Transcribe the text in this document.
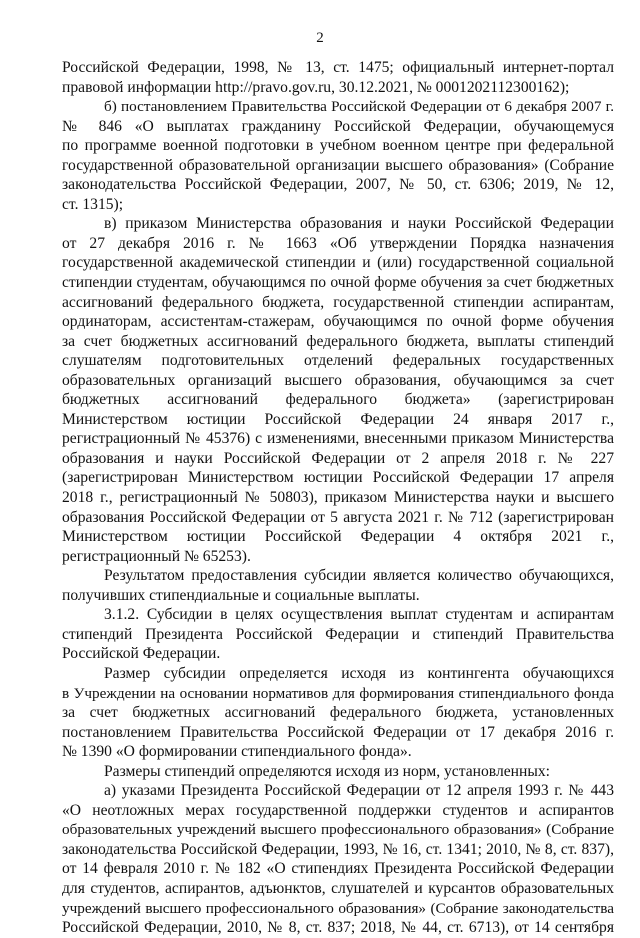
2
Российской Федерации, 1998, № 13, ст. 1475; официальный интернет-портал
правовой информации http://pravo.gov.ru, 30.12.2021, № 0001202112300162);
б) постановлением Правительства Российской Федерации от 6 декабря 2007 г.
№ 846 «О выплатах гражданину Российской Федерации, обучающемуся
по программе военной подготовки в учебном военном центре при федеральной
государственной образовательной организации высшего образования» (Собрание
законодательства Российской Федерации, 2007, № 50, ст. 6306; 2019, № 12,
ст. 1315);
в) приказом Министерства образования и науки Российской Федерации
от 27 декабря 2016 г. № 1663 «Об утверждении Порядка назначения
государственной академической стипендии и (или) государственной социальной
стипендии студентам, обучающимся по очной форме обучения за счет бюджетных
ассигнований федерального бюджета, государственной стипендии аспирантам,
ординаторам, ассистентам-стажерам, обучающимся по очной форме обучения
за счет бюджетных ассигнований федерального бюджета, выплаты стипендий
слушателям подготовительных отделений федеральных государственных
образовательных организаций высшего образования, обучающимся за счет
бюджетных ассигнований федерального бюджета» (зарегистрирован
Министерством юстиции Российской Федерации 24 января 2017 г.,
регистрационный № 45376) с изменениями, внесенными приказом Министерства
образования и науки Российской Федерации от 2 апреля 2018 г. № 227
(зарегистрирован Министерством юстиции Российской Федерации 17 апреля
2018 г., регистрационный № 50803), приказом Министерства науки и высшего
образования Российской Федерации от 5 августа 2021 г. № 712 (зарегистрирован
Министерством юстиции Российской Федерации 4 октября 2021 г.,
регистрационный № 65253).
Результатом предоставления субсидии является количество обучающихся,
получивших стипендиальные и социальные выплаты.
3.1.2. Субсидии в целях осуществления выплат студентам и аспирантам
стипендий Президента Российской Федерации и стипендий Правительства
Российской Федерации.
Размер субсидии определяется исходя из контингента обучающихся
в Учреждении на основании нормативов для формирования стипендиального фонда
за счет бюджетных ассигнований федерального бюджета, установленных
постановлением Правительства Российской Федерации от 17 декабря 2016 г.
№ 1390 «О формировании стипендиального фонда».
Размеры стипендий определяются исходя из норм, установленных:
а) указами Президента Российской Федерации от 12 апреля 1993 г. № 443
«О неотложных мерах государственной поддержки студентов и аспирантов
образовательных учреждений высшего профессионального образования» (Собрание
законодательства Российской Федерации, 1993, № 16, ст. 1341; 2010, № 8, ст. 837),
от 14 февраля 2010 г. № 182 «О стипендиях Президента Российской Федерации
для студентов, аспирантов, адъюнктов, слушателей и курсантов образовательных
учреждений высшего профессионального образования» (Собрание законодательства
Российской Федерации, 2010, № 8, ст. 837; 2018, № 44, ст. 6713), от 14 сентября
